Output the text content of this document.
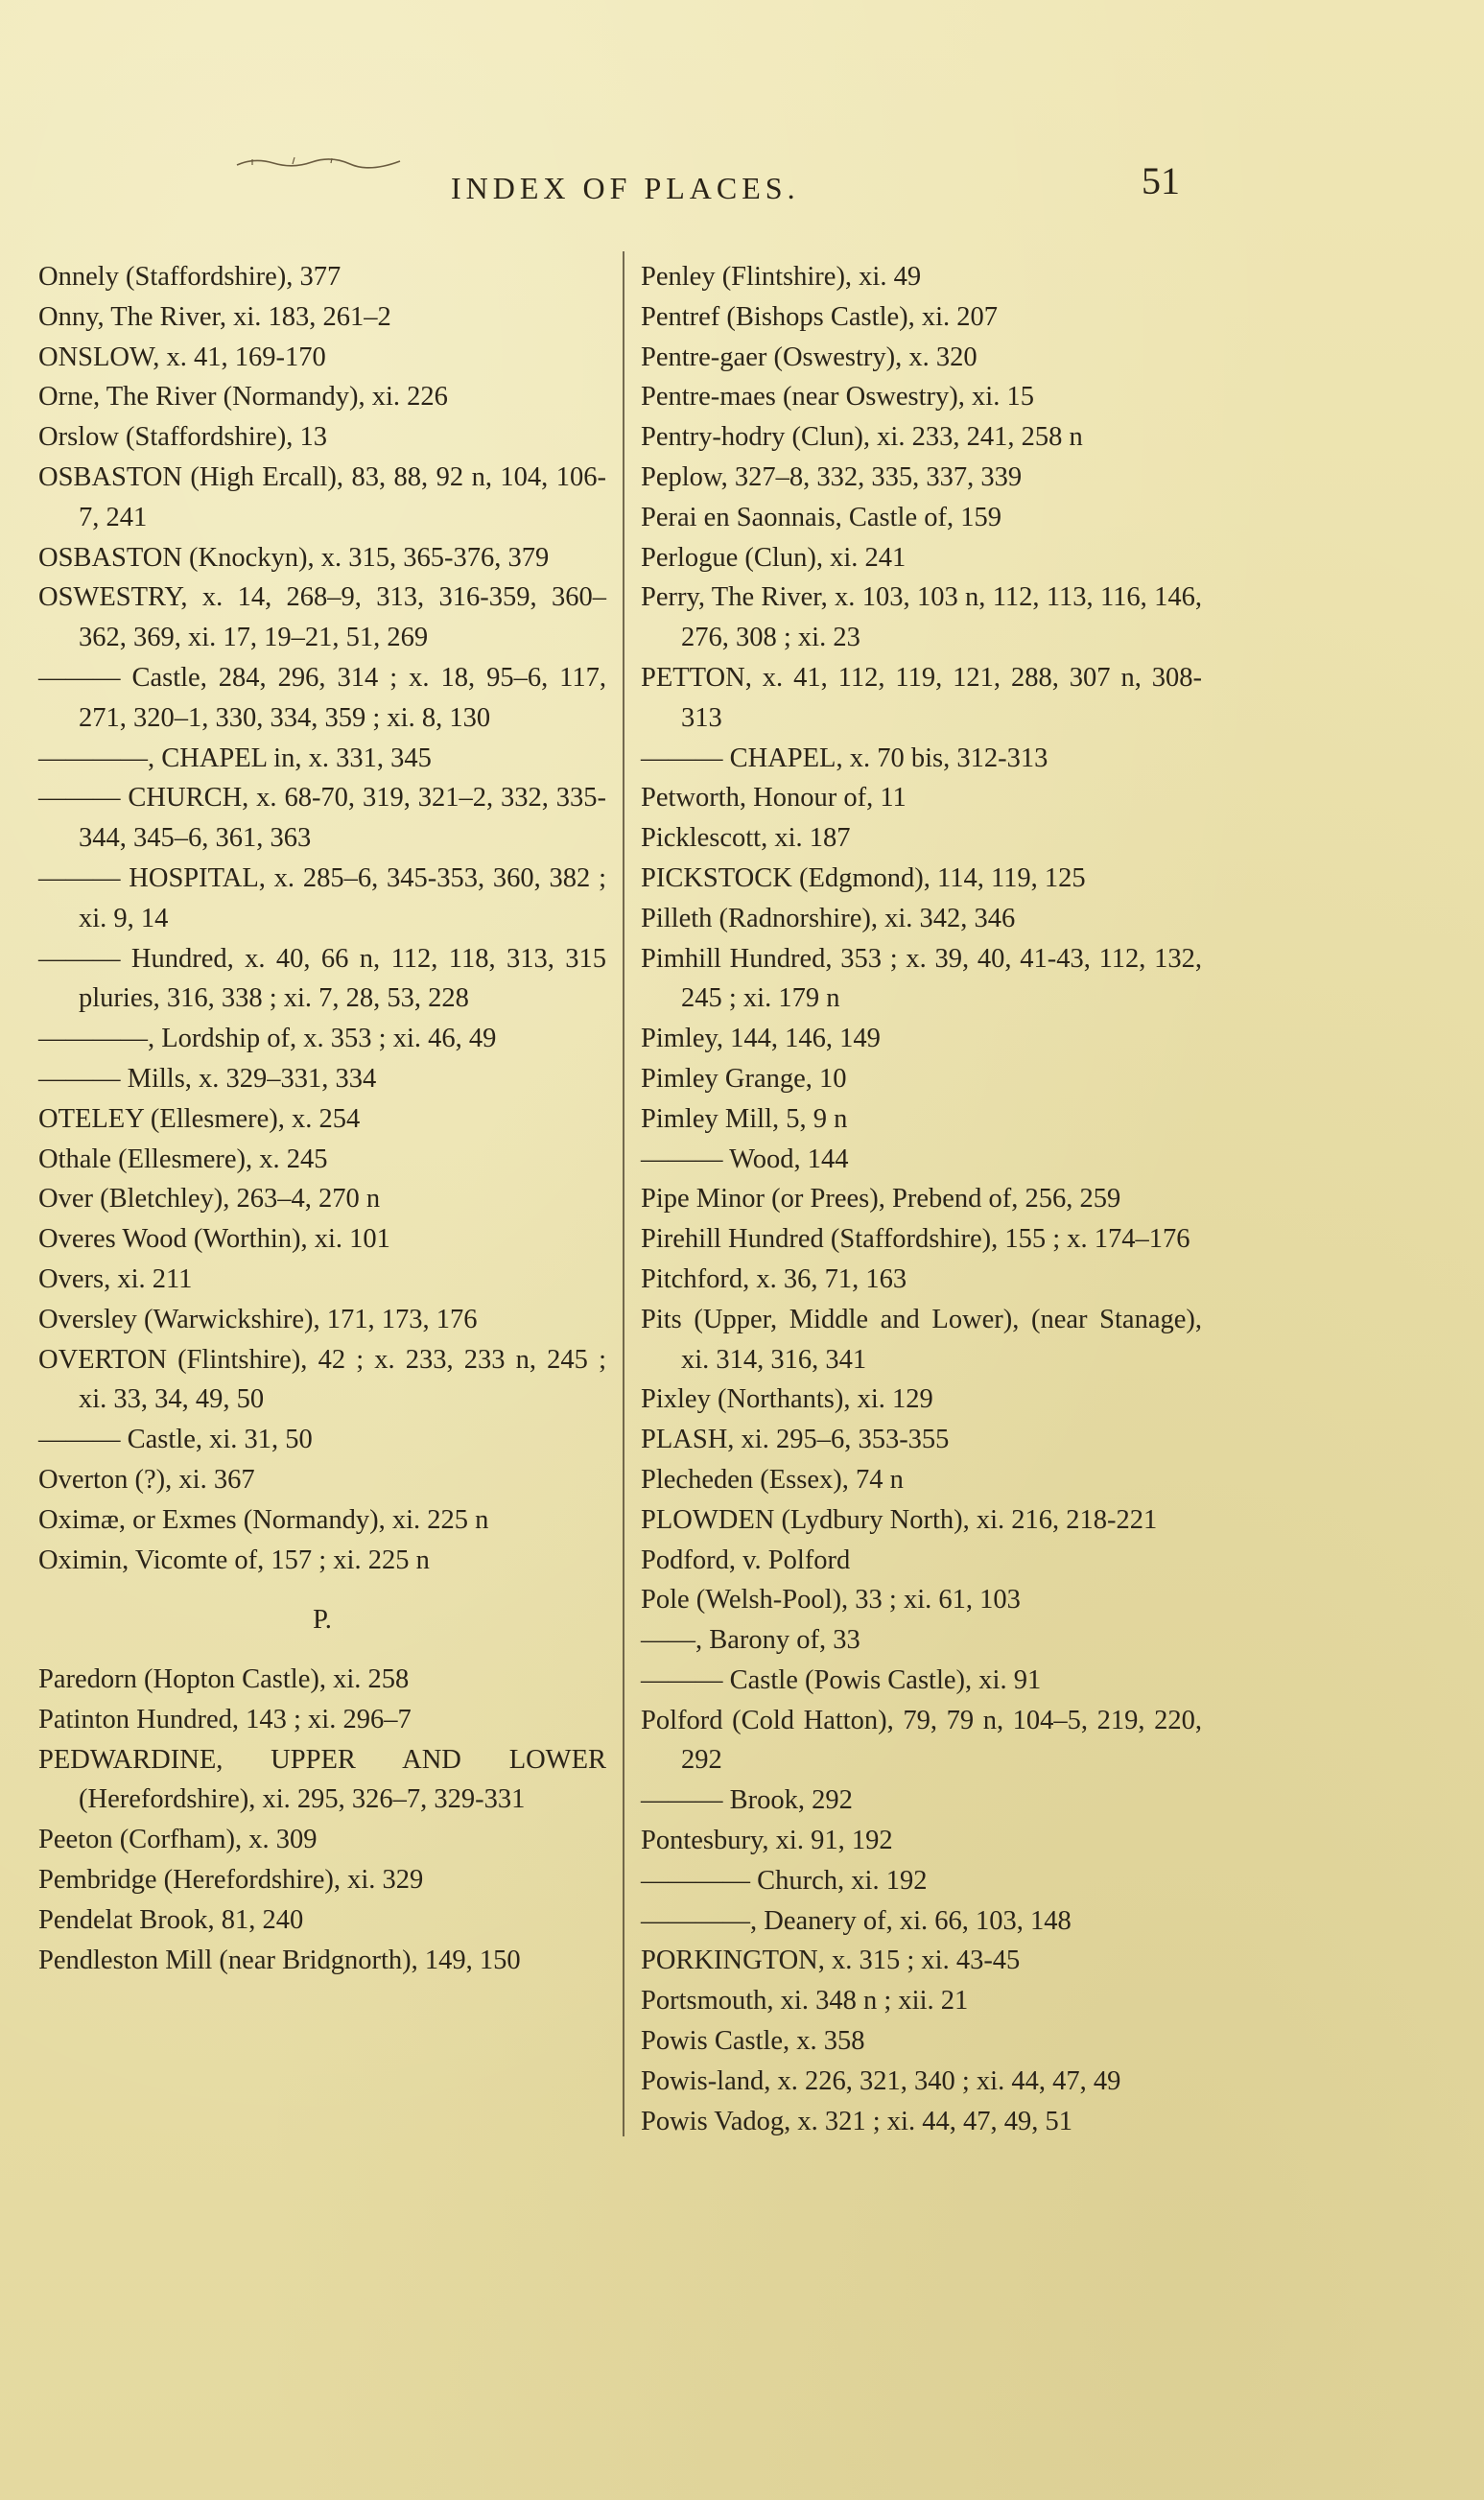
INDEX OF PLACES.	51
Onnely (Staffordshire), 377
Onny, The River, xi. 183, 261–2
ONSLOW, x. 41, 169-170
Orne, The River (Normandy), xi. 226
Orslow (Staffordshire), 13
OSBASTON (High Ercall), 83, 88, 92 n, 104, 106-7, 241
OSBASTON (Knockyn), x. 315, 365-376, 379
OSWESTRY, x. 14, 268–9, 313, 316-359, 360–362, 369, xi. 17, 19–21, 51, 269
——— Castle, 284, 296, 314 ; x. 18, 95–6, 117, 271, 320–1, 330, 334, 359 ; xi. 8, 130
————, CHAPEL in, x. 331, 345
——— CHURCH, x. 68-70, 319, 321–2, 332, 335-344, 345–6, 361, 363
——— HOSPITAL, x. 285–6, 345-353, 360, 382 ; xi. 9, 14
——— Hundred, x. 40, 66 n, 112, 118, 313, 315 pluries, 316, 338 ; xi. 7, 28, 53, 228
————, Lordship of, x. 353 ; xi. 46, 49
——— Mills, x. 329–331, 334
OTELEY (Ellesmere), x. 254
Othale (Ellesmere), x. 245
Over (Bletchley), 263–4, 270 n
Overes Wood (Worthin), xi. 101
Overs, xi. 211
Oversley (Warwickshire), 171, 173, 176
OVERTON (Flintshire), 42 ; x. 233, 233 n, 245 ; xi. 33, 34, 49, 50
——— Castle, xi. 31, 50
Overton (?), xi. 367
Oximæ, or Exmes (Normandy), xi. 225 n
Oximin, Vicomte of, 157 ; xi. 225 n
P.
Paredorn (Hopton Castle), xi. 258
Patinton Hundred, 143 ; xi. 296–7
PEDWARDINE, UPPER AND LOWER (Herefordshire), xi. 295, 326–7, 329-331
Peeton (Corfham), x. 309
Pembridge (Herefordshire), xi. 329
Pendelat Brook, 81, 240
Pendleston Mill (near Bridgnorth), 149, 150
Penley (Flintshire), xi. 49
Pentref (Bishops Castle), xi. 207
Pentre-gaer (Oswestry), x. 320
Pentre-maes (near Oswestry), xi. 15
Pentry-hodry (Clun), xi. 233, 241, 258 n
Peplow, 327–8, 332, 335, 337, 339
Perai en Saonnais, Castle of, 159
Perlogue (Clun), xi. 241
Perry, The River, x. 103, 103 n, 112, 113, 116, 146, 276, 308 ; xi. 23
PETTON, x. 41, 112, 119, 121, 288, 307 n, 308-313
——— CHAPEL, x. 70 bis, 312-313
Petworth, Honour of, 11
Picklescott, xi. 187
PICKSTOCK (Edgmond), 114, 119, 125
Pilleth (Radnorshire), xi. 342, 346
Pimhill Hundred, 353 ; x. 39, 40, 41-43, 112, 132, 245 ; xi. 179 n
Pimley, 144, 146, 149
Pimley Grange, 10
Pimley Mill, 5, 9 n
——— Wood, 144
Pipe Minor (or Prees), Prebend of, 256, 259
Pirehill Hundred (Staffordshire), 155 ; x. 174–176
Pitchford, x. 36, 71, 163
Pits (Upper, Middle and Lower), (near Stanage), xi. 314, 316, 341
Pixley (Northants), xi. 129
PLASH, xi. 295–6, 353-355
Plecheden (Essex), 74 n
PLOWDEN (Lydbury North), xi. 216, 218-221
Podford, v. Polford
Pole (Welsh-Pool), 33 ; xi. 61, 103
——, Barony of, 33
——— Castle (Powis Castle), xi. 91
Polford (Cold Hatton), 79, 79 n, 104–5, 219, 220, 292
——— Brook, 292
Pontesbury, xi. 91, 192
———— Church, xi. 192
————, Deanery of, xi. 66, 103, 148
PORKINGTON, x. 315 ; xi. 43-45
Portsmouth, xi. 348 n ; xii. 21
Powis Castle, x. 358
Powis-land, x. 226, 321, 340 ; xi. 44, 47, 49
Powis Vadog, x. 321 ; xi. 44, 47, 49, 51
